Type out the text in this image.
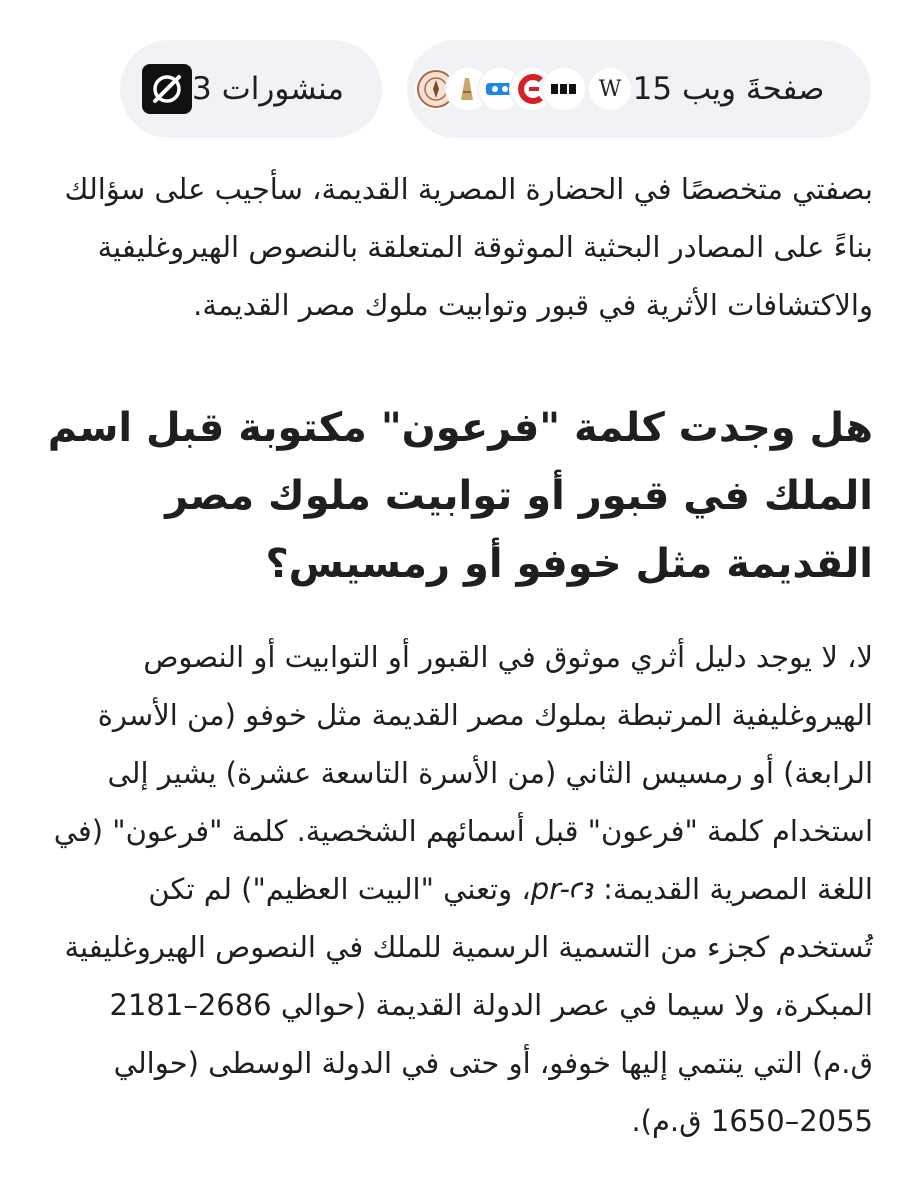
W صفحةَ ويب 15
منشورات 3

بصفتي متخصصًا في الحضارة المصرية القديمة، سأجيب على سؤالك بناءً على المصادر البحثية الموثوقة المتعلقة بالنصوص الهيروغليفية والاكتشافات الأثرية في قبور وتوابيت ملوك مصر القديمة.

هل وجدت كلمة "فرعون" مكتوبة قبل اسم الملك في قبور أو توابيت ملوك مصر القديمة مثل خوفو أو رمسيس؟

لا، لا يوجد دليل أثري موثوق في القبور أو التوابيت أو النصوص الهيروغليفية المرتبطة بملوك مصر القديمة مثل خوفو (من الأسرة الرابعة) أو رمسيس الثاني (من الأسرة التاسعة عشرة) يشير إلى استخدام كلمة "فرعون" قبل أسمائهم الشخصية. كلمة "فرعون" (في اللغة المصرية القديمة: pr-ꜥꜣ، وتعني "البيت العظيم") لم تكن تُستخدم كجزء من التسمية الرسمية للملك في النصوص الهيروغليفية المبكرة، ولا سيما في عصر الدولة القديمة (حوالي 2686–2181 ق.م) التي ينتمي إليها خوفو، أو حتى في الدولة الوسطى (حوالي 2055–1650 ق.م).
